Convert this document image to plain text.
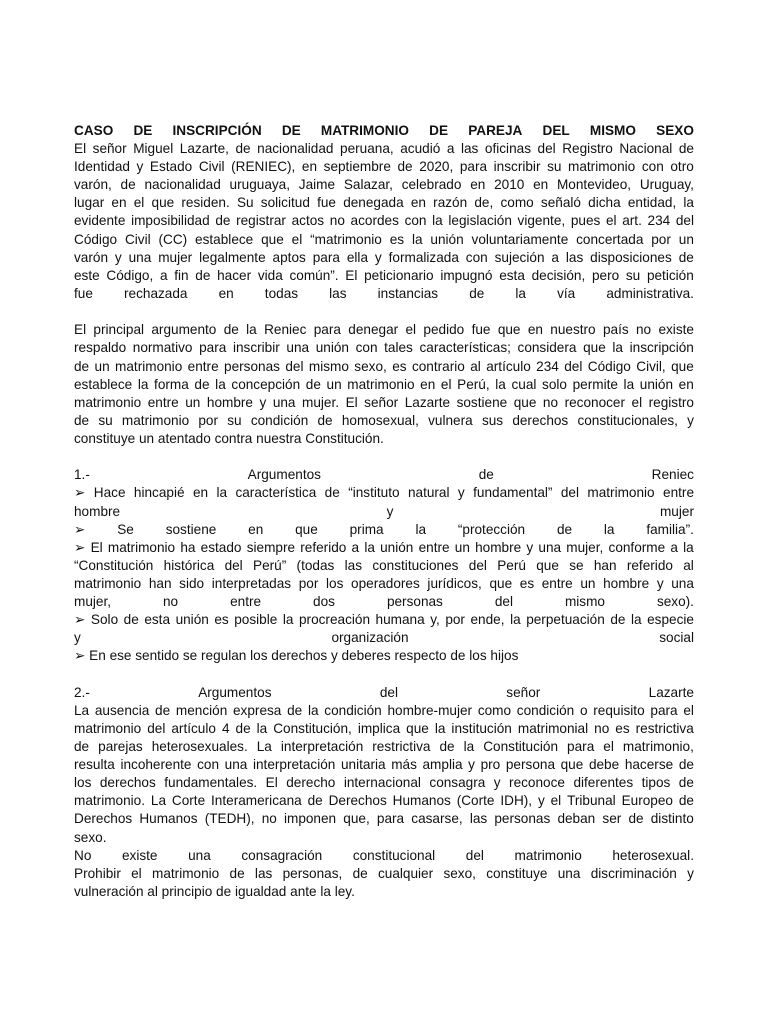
CASO DE INSCRIPCIÓN DE MATRIMONIO DE PAREJA DEL MISMO SEXO
El señor Miguel Lazarte, de nacionalidad peruana, acudió a las oficinas del Registro Nacional de
Identidad y Estado Civil (RENIEC), en septiembre de 2020, para inscribir su matrimonio con otro
varón, de nacionalidad uruguaya, Jaime Salazar, celebrado en 2010 en Montevideo, Uruguay,
lugar en el que residen. Su solicitud fue denegada en razón de, como señaló dicha entidad, la
evidente imposibilidad de registrar actos no acordes con la legislación vigente, pues el art. 234 del
Código Civil (CC) establece que el “matrimonio es la unión voluntariamente concertada por un
varón y una mujer legalmente aptos para ella y formalizada con sujeción a las disposiciones de
este Código, a fin de hacer vida común”. El peticionario impugnó esta decisión, pero su petición
fue rechazada en todas las instancias de la vía administrativa.
El principal argumento de la Reniec para denegar el pedido fue que en nuestro país no existe
respaldo normativo para inscribir una unión con tales características; considera que la inscripción
de un matrimonio entre personas del mismo sexo, es contrario al artículo 234 del Código Civil, que
establece la forma de la concepción de un matrimonio en el Perú, la cual solo permite la unión en
matrimonio entre un hombre y una mujer. El señor Lazarte sostiene que no reconocer el registro
de su matrimonio por su condición de homosexual, vulnera sus derechos constitucionales, y
constituye un atentado contra nuestra Constitución.
1.-	Argumentos	de	Reniec
➢ Hace hincapié en la característica de “instituto natural y fundamental” del matrimonio entre
hombre	y	mujer
➢ Se sostiene en que prima la “protección de la familia”.
➢ El matrimonio ha estado siempre referido a la unión entre un hombre y una mujer, conforme a la
“Constitución histórica del Perú” (todas las constituciones del Perú que se han referido al
matrimonio han sido interpretadas por los operadores jurídicos, que es entre un hombre y una
mujer,	no	entre	dos	personas	del	mismo	sexo).
➢ Solo de esta unión es posible la procreación humana y, por ende, la perpetuación de la especie
y	organización	social
➢ En ese sentido se regulan los derechos y deberes respecto de los hijos
2.-	Argumentos	del	señor	Lazarte
La ausencia de mención expresa de la condición hombre-mujer como condición o requisito para el
matrimonio del artículo 4 de la Constitución, implica que la institución matrimonial no es restrictiva
de parejas heterosexuales. La interpretación restrictiva de la Constitución para el matrimonio,
resulta incoherente con una interpretación unitaria más amplia y pro persona que debe hacerse de
los derechos fundamentales. El derecho internacional consagra y reconoce diferentes tipos de
matrimonio. La Corte Interamericana de Derechos Humanos (Corte IDH), y el Tribunal Europeo de
Derechos Humanos (TEDH), no imponen que, para casarse, las personas deban ser de distinto
sexo.
No existe una consagración constitucional del matrimonio heterosexual.
Prohibir el matrimonio de las personas, de cualquier sexo, constituye una discriminación y
vulneración al principio de igualdad ante la ley.
